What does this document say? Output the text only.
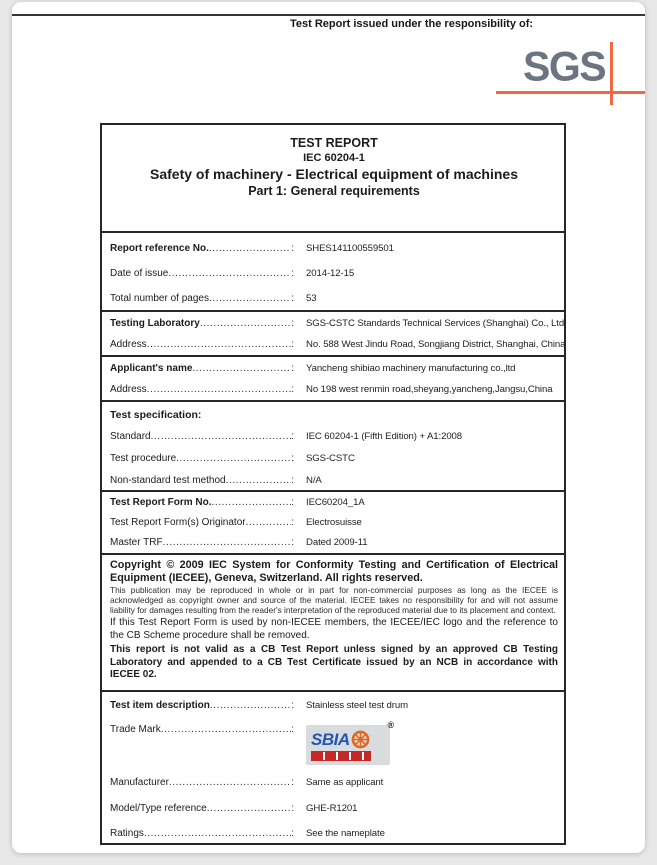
Test Report issued under the responsibility of:
SGS
TEST REPORT
IEC 60204-1
Safety of machinery - Electrical equipment of machines
Part 1: General requirements
Report reference No. .....	:	SHES141100559501
Date of issue .....	:	2014-12-15
Total number of pages .....	:	53
Testing Laboratory .....	:	SGS-CSTC Standards Technical Services (Shanghai) Co., Ltd.
Address .....	:	No. 588 West Jindu Road, Songjiang District, Shanghai, China
Applicant's name .....	:	Yancheng shibiao machinery manufacturing co.,ltd
Address .....	:	No 198 west renmin road,sheyang,yancheng,Jangsu,China
Test specification:
Standard .....	:	IEC 60204-1 (Fifth Edition) + A1:2008
Test procedure .....	:	SGS-CSTC
Non-standard test method .....	:	N/A
Test Report Form No. .....	:	IEC60204_1A
Test Report Form(s) Originator .....	:	Electrosuisse
Master TRF .....	:	Dated 2009-11

Copyright © 2009 IEC System for Conformity Testing and Certification of Electrical Equipment (IECEE), Geneva, Switzerland. All rights reserved.

This publication may be reproduced in whole or in part for non-commercial purposes as long as the IECEE is acknowledged as copyright owner and source of the material. IECEE takes no responsibility for and will not assume liability for damages resulting from the reader's interpretation of the reproduced material due to its placement and context.

If this Test Report Form is used by non-IECEE members, the IECEE/IEC logo and the reference to the CB Scheme procedure shall be removed.

This report is not valid as a CB Test Report unless signed by an approved CB Testing Laboratory and appended to a CB Test Certificate issued by an NCB in accordance with IECEE 02.

Test item description .....	:	Stainless steel test drum
Trade Mark .....	:	®
SBIA
Manufacturer .....	:	Same as applicant
Model/Type reference .....	:	GHE-R1201
Ratings .....	:	See the nameplate
